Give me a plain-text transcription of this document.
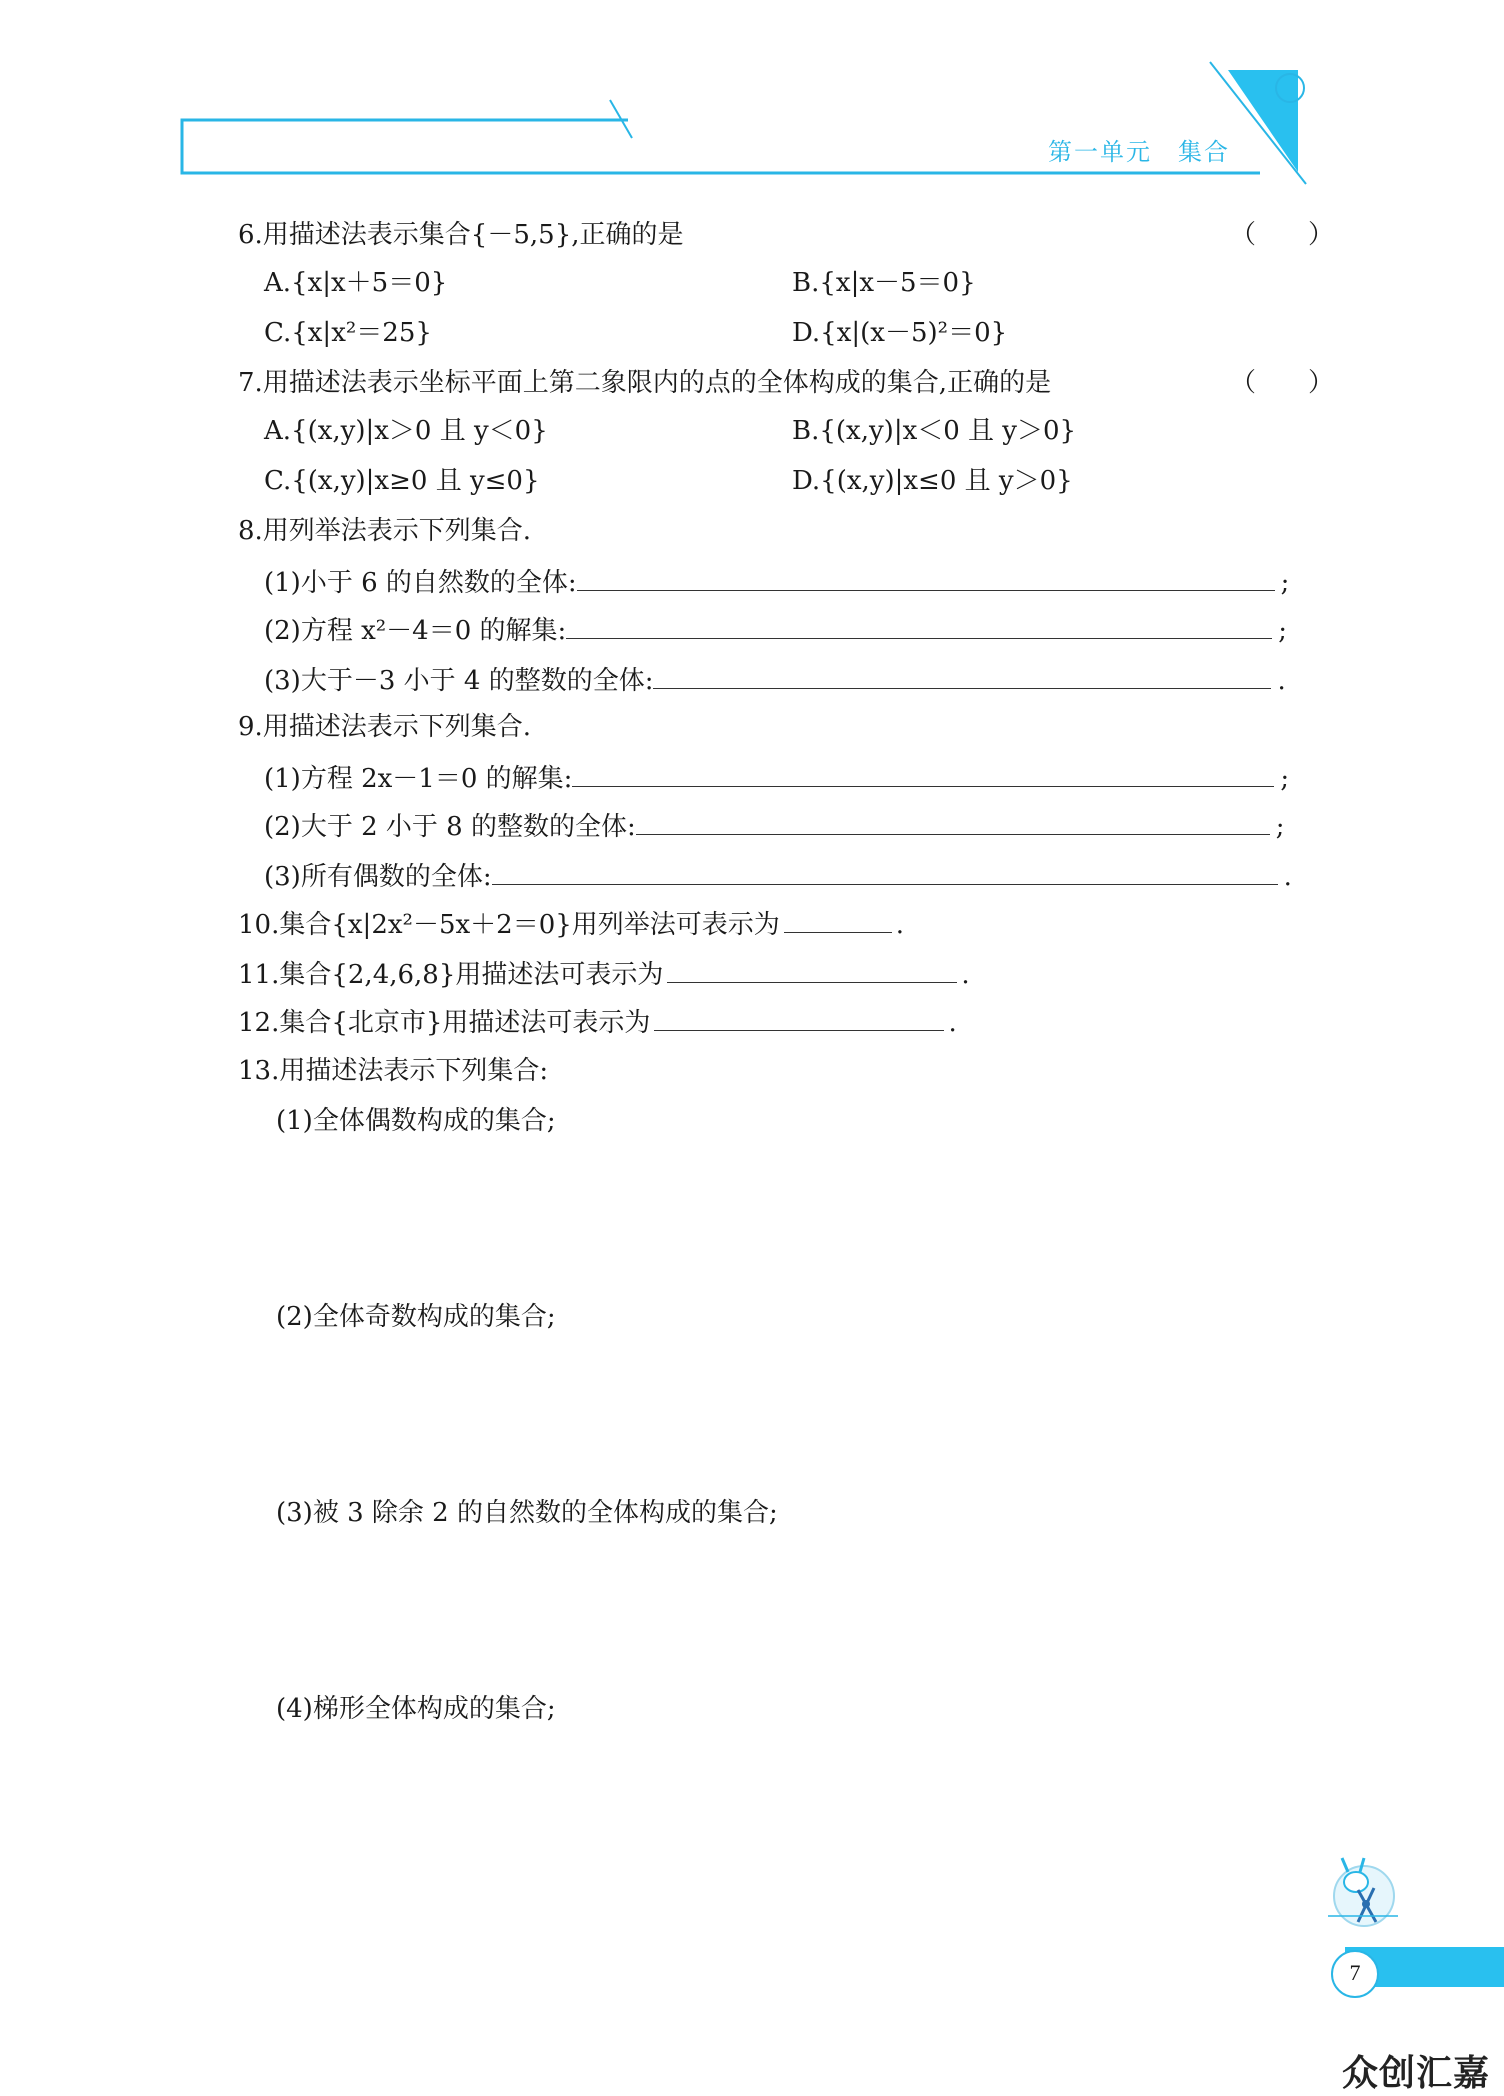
第一单元　集合
6.用描述法表示集合{－5,5},正确的是	（　　）
A.{x|x＋5＝0}	B.{x|x－5＝0}
C.{x|x²＝25}	D.{x|(x－5)²＝0}
7.用描述法表示坐标平面上第二象限内的点的全体构成的集合,正确的是	（　　）
A.{(x,y)|x＞0 且 y＜0}	B.{(x,y)|x＜0 且 y＞0}
C.{(x,y)|x≥0 且 y≤0}	D.{(x,y)|x≤0 且 y＞0}
8.用列举法表示下列集合.
(1)小于 6 的自然数的全体:	;
(2)方程 x²－4＝0 的解集:	;
(3)大于－3 小于 4 的整数的全体:	.
9.用描述法表示下列集合.
(1)方程 2x－1＝0 的解集:	;
(2)大于 2 小于 8 的整数的全体:	;
(3)所有偶数的全体:	.
10.集合{x|2x²－5x＋2＝0}用列举法可表示为	.
11.集合{2,4,6,8}用描述法可表示为	.
12.集合{北京市}用描述法可表示为	.
13.用描述法表示下列集合:
(1)全体偶数构成的集合;
(2)全体奇数构成的集合;
(3)被 3 除余 2 的自然数的全体构成的集合;
(4)梯形全体构成的集合;
7
众创汇嘉
